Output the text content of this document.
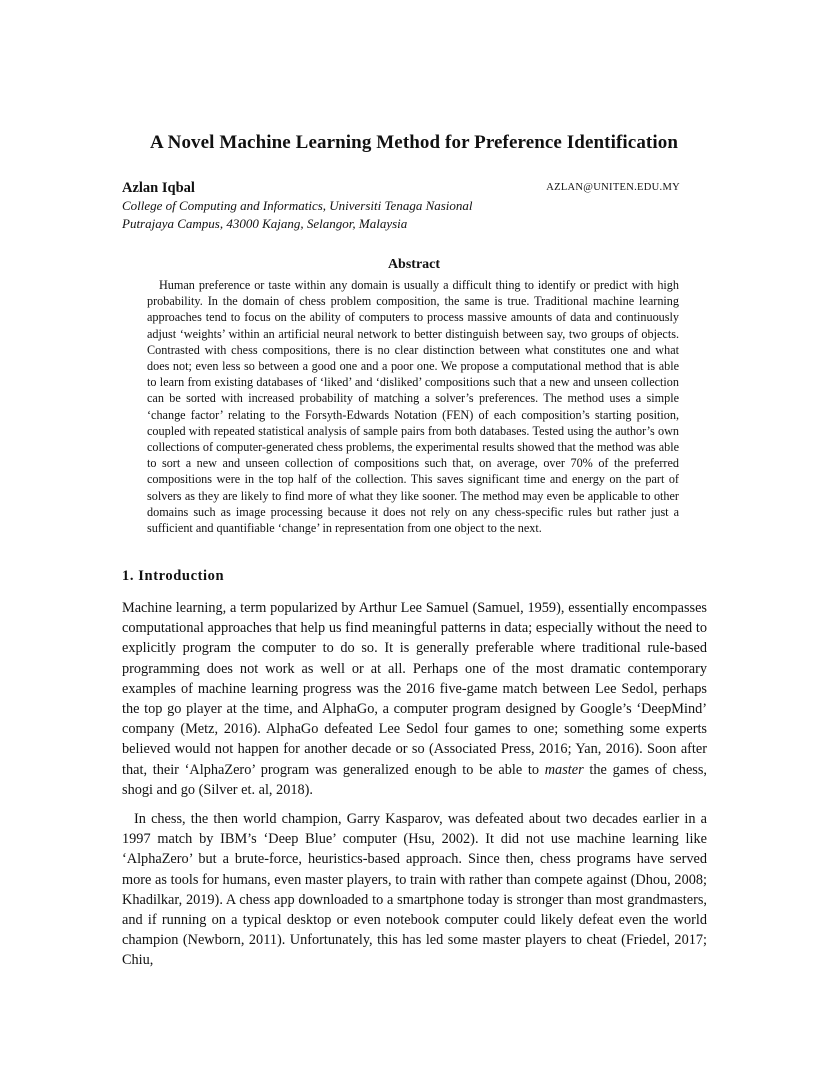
A Novel Machine Learning Method for Preference Identification
Azlan Iqbal	AZLAN@UNITEN.EDU.MY
College of Computing and Informatics, Universiti Tenaga Nasional
Putrajaya Campus, 43000 Kajang, Selangor, Malaysia
Abstract
Human preference or taste within any domain is usually a difficult thing to identify or predict with high probability. In the domain of chess problem composition, the same is true. Traditional machine learning approaches tend to focus on the ability of computers to process massive amounts of data and continuously adjust ‘weights’ within an artificial neural network to better distinguish between say, two groups of objects. Contrasted with chess compositions, there is no clear distinction between what constitutes one and what does not; even less so between a good one and a poor one. We propose a computational method that is able to learn from existing databases of ‘liked’ and ‘disliked’ compositions such that a new and unseen collection can be sorted with increased probability of matching a solver’s preferences. The method uses a simple ‘change factor’ relating to the Forsyth-Edwards Notation (FEN) of each composition’s starting position, coupled with repeated statistical analysis of sample pairs from both databases. Tested using the author’s own collections of computer-generated chess problems, the experimental results showed that the method was able to sort a new and unseen collection of compositions such that, on average, over 70% of the preferred compositions were in the top half of the collection. This saves significant time and energy on the part of solvers as they are likely to find more of what they like sooner. The method may even be applicable to other domains such as image processing because it does not rely on any chess-specific rules but rather just a sufficient and quantifiable ‘change’ in representation from one object to the next.
1. Introduction

Machine learning, a term popularized by Arthur Lee Samuel (Samuel, 1959), essentially encompasses computational approaches that help us find meaningful patterns in data; especially without the need to explicitly program the computer to do so. It is generally preferable where traditional rule-based programming does not work as well or at all. Perhaps one of the most dramatic contemporary examples of machine learning progress was the 2016 five-game match between Lee Sedol, perhaps the top go player at the time, and AlphaGo, a computer program designed by Google’s ‘DeepMind’ company (Metz, 2016). AlphaGo defeated Lee Sedol four games to one; something some experts believed would not happen for another decade or so (Associated Press, 2016; Yan, 2016). Soon after that, their ‘AlphaZero’ program was generalized enough to be able to master the games of chess, shogi and go (Silver et. al, 2018).

In chess, the then world champion, Garry Kasparov, was defeated about two decades earlier in a 1997 match by IBM’s ‘Deep Blue’ computer (Hsu, 2002). It did not use machine learning like ‘AlphaZero’ but a brute-force, heuristics-based approach. Since then, chess programs have served more as tools for humans, even master players, to train with rather than compete against (Dhou, 2008; Khadilkar, 2019). A chess app downloaded to a smartphone today is stronger than most grandmasters, and if running on a typical desktop or even notebook computer could likely defeat even the world champion (Newborn, 2011). Unfortunately, this has led some master players to cheat (Friedel, 2017; Chiu,
